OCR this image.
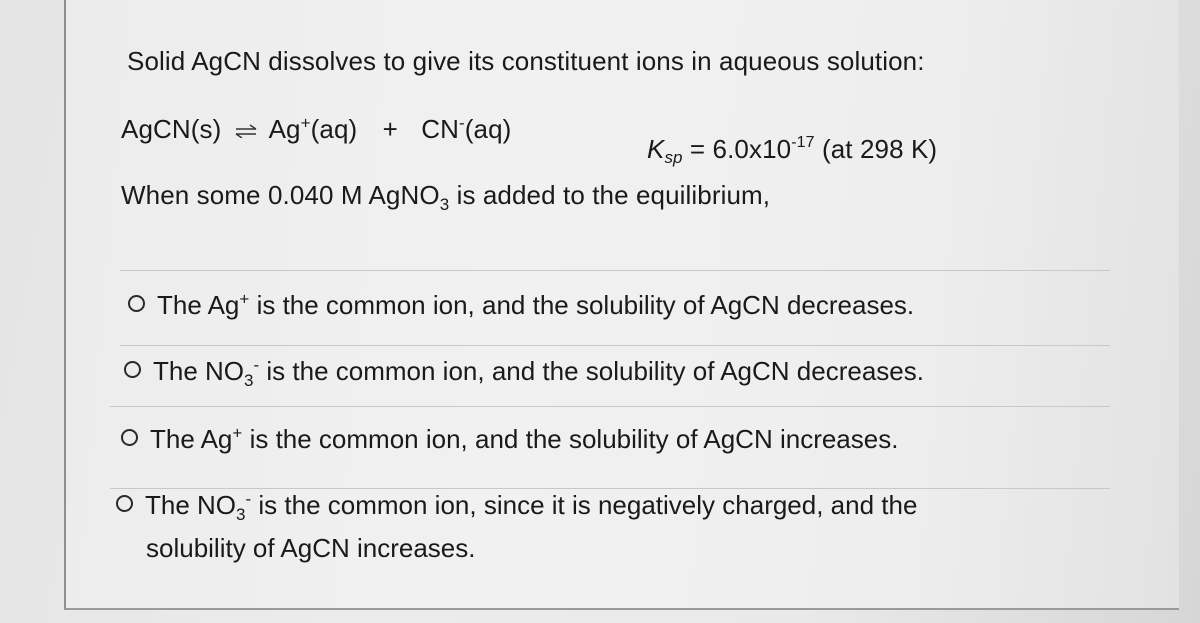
Solid AgCN dissolves to give its constituent ions in aqueous solution:
AgCN(s) ⇌ Ag+(aq) + CN-(aq)
Ksp = $6.0x10^{-17}$ (at 298 K)
When some 0.040 M AgNO$_3$ is added to the equilibrium,
The Ag+ is the common ion, and the solubility of AgCN decreases.
The $NO_3^-$ is the common ion, and the solubility of AgCN decreases.
The Ag+ is the common ion, and the solubility of AgCN increases.
The $NO_3^-$ is the common ion, since it is negatively charged, and the
solubility of AgCN increases.
